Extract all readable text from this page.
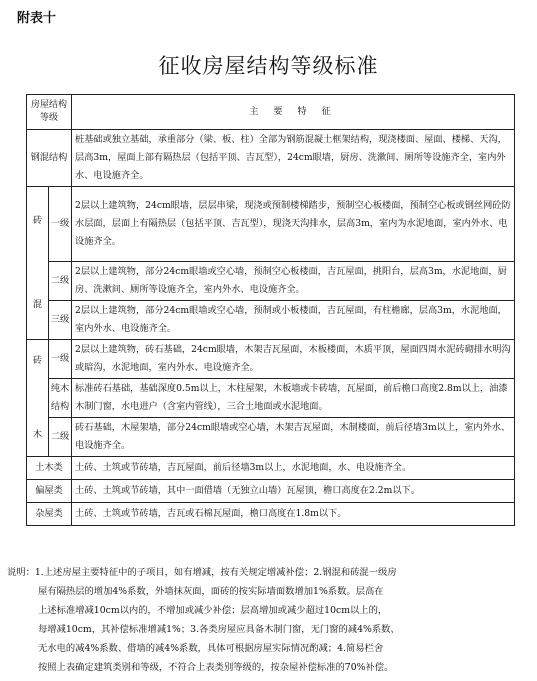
附表十
征收房屋结构等级标准
房屋结构等级		主 要 特 征
钢混结构		桩基础或独立基础，承重部分（梁、板、柱）全部为钢筋混凝土框架结构，现浇楼面、屋面、楼梯、天沟，层高3m，屋面上部有隔热层（包括平顶、吉瓦型），24cm眼墙，厨房、洗漱间、厕所等设施齐全，室内外水、电设施齐全。

砖
混	一级	2层以上建筑物，24cm眼墙，层层串梁，现浇或预制楼梯踏步，预制空心板楼面，预制空心板或钢丝网砼防水层面，层面上有隔热层（包括平顶、吉瓦型），现浇天沟排水，层高3m，室内为水泥地面，室内外水、电设施齐全。
	二级	2层以上建筑物，部分24cm眼墙或空心墙，预制空心板楼面，吉瓦屋面，挑阳台，层高3m，水泥地面，厨房、洗漱间、厕所等设施齐全，室内外水、电设施齐全。
	三级	2层以上建筑物，部分24cm眼墙或空心墙，预制或小板楼面，吉瓦屋面，有柱檐廊，层高3m，水泥地面，室内外水、电设施齐全。

砖
木	一级	2层以上建筑物，砖石基础，24cm眼墙，木架吉瓦屋面，木板楼面，木质平顶，屋面四周水泥砖砌排水明沟或暗沟，水泥地面，室内外水、电设施齐全。
	纯木结构	标准砖石基础，基础深度0.5m以上，木柱屋架，木板墙或卡砖墙，瓦屋面，前后檐口高度2.8m以上，油漆木制门窗，水电进户（含室内管线），三合土地面或水泥地面。
	二级	砖石基础，木屋架墙，部分24cm眼墙或空心墙，木架吉瓦屋面，木制楼面，前后径墙3m以上，室内外水、电设施齐全。
土木类		土砖、土筑或节砖墙，吉瓦屋面，前后径墙3m以上，水泥地面，水、电设施齐全。
偏屋类		土砖、土筑或节砖墙，其中一面借墙（无独立山墙）瓦屋顶，檐口高度在2.2m以下。
杂屋类		土砖、土筑或节砖墙，吉瓦或石棉瓦屋面，檐口高度在1.8m以下。
说明：1.上述房屋主要特征中的子项目，如有增减，按有关规定增减补偿；2.钢混和砖混一级房
屋有隔热层的增加4%系数，外墙抹灰面，面砖的按实际墙面数增加1%系数。层高在
上述标准增减10cm以内的，不增加或减少补偿；层高增加或减少超过10cm以上的，
每增减10cm，其补偿标准增减1%；3.各类房屋应具备木制门窗，无门窗的减4%系数、
无水电的减4%系数、借墙的减4%系数，具体可根据房屋实际情况酌减；4.简易栏舍
按照上表确定建筑类别和等级，不符合上表类别等级的，按杂屋补偿标准的70%补偿。
